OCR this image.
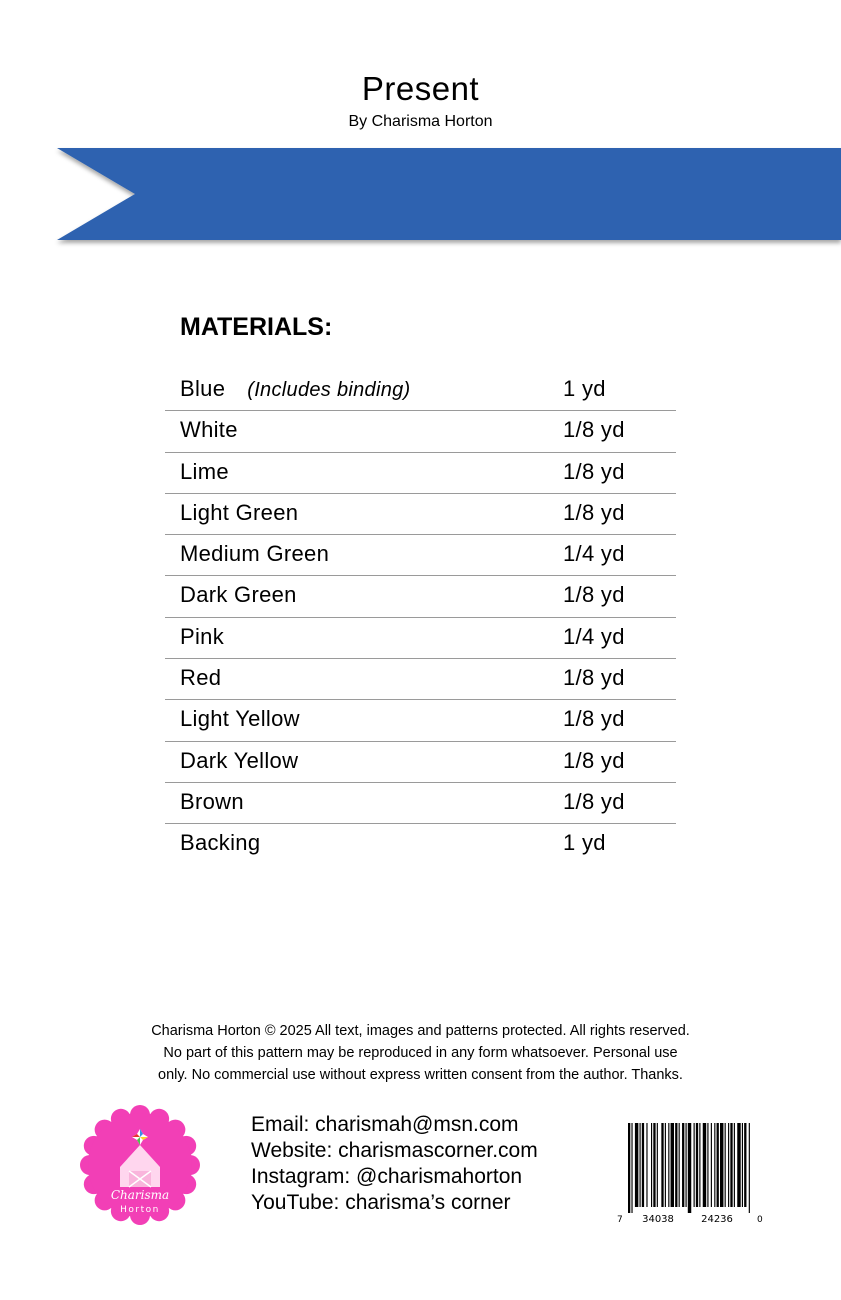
Present
By Charisma Horton
MATERIALS:
Blue (Includes binding)	1 yd
White	1/8 yd
Lime	1/8 yd
Light Green	1/8 yd
Medium Green	1/4 yd
Dark Green	1/8 yd
Pink	1/4 yd
Red	1/8 yd
Light Yellow	1/8 yd
Dark Yellow	1/8 yd
Brown	1/8 yd
Backing	1 yd
Charisma Horton © 2025 All text, images and patterns protected. All rights reserved.
No part of this pattern may be reproduced in any form whatsoever. Personal use
only. No commercial use without express written consent from the author. Thanks.
Charisma
Horton
Email: charismah@msn.com
Website: charismascorner.com
Instagram: @charismahorton
YouTube: charisma’s corner
7 34038	24236	0
